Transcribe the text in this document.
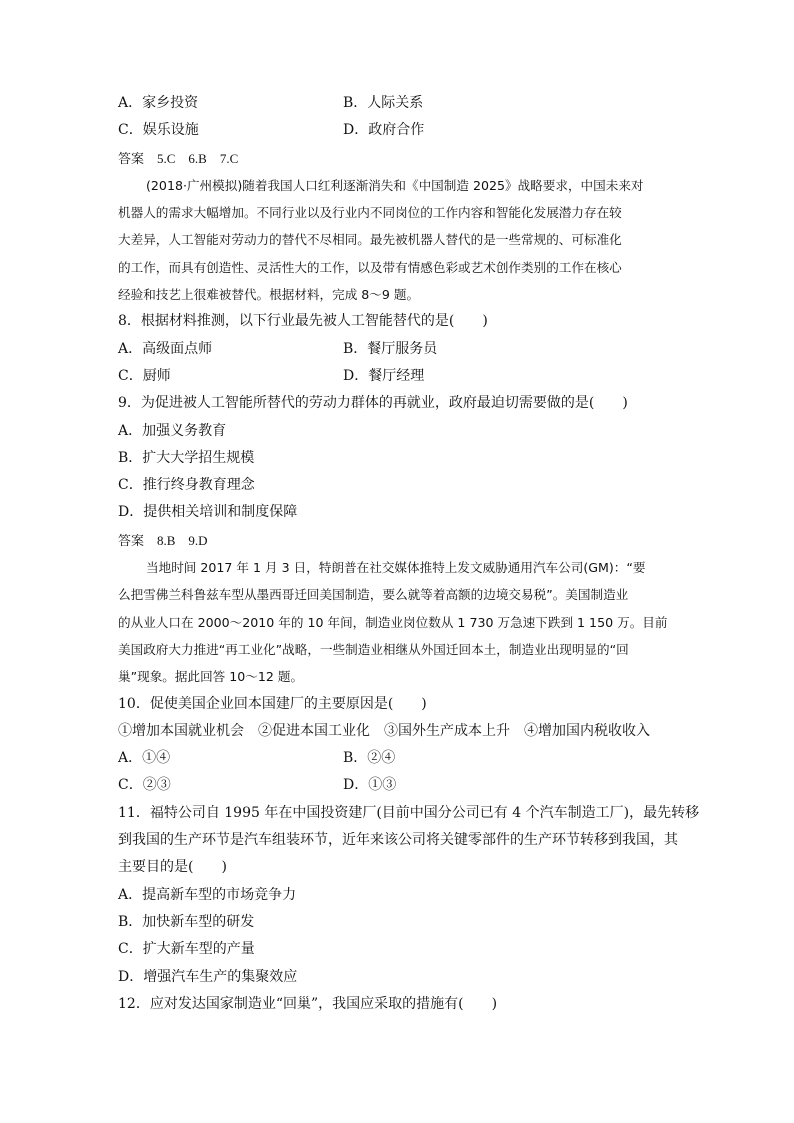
A．家乡投资	B．人际关系
C．娱乐设施	D．政府合作
答案　5.C　6.B　7.C
(2018·广州模拟)随着我国人口红利逐渐消失和《中国制造 2025》战略要求，中国未来对
机器人的需求大幅增加。不同行业以及行业内不同岗位的工作内容和智能化发展潜力存在较
大差异，人工智能对劳动力的替代不尽相同。最先被机器人替代的是一些常规的、可标准化
的工作，而具有创造性、灵活性大的工作，以及带有情感色彩或艺术创作类别的工作在核心
经验和技艺上很难被替代。根据材料，完成 8～9 题。
8．根据材料推测，以下行业最先被人工智能替代的是(　　)
A．高级面点师	B．餐厅服务员
C．厨师	D．餐厅经理
9．为促进被人工智能所替代的劳动力群体的再就业，政府最迫切需要做的是(　　)
A．加强义务教育
B．扩大大学招生规模
C．推行终身教育理念
D．提供相关培训和制度保障
答案　8.B　9.D
当地时间 2017 年 1 月 3 日，特朗普在社交媒体推特上发文威胁通用汽车公司(GM)：“要
么把雪佛兰科鲁兹车型从墨西哥迁回美国制造，要么就等着高额的边境交易税”。美国制造业
的从业人口在 2000～2010 年的 10 年间，制造业岗位数从 1 730 万急速下跌到 1 150 万。目前
美国政府大力推进“再工业化”战略，一些制造业相继从外国迁回本土，制造业出现明显的“回
巢”现象。据此回答 10～12 题。
10．促使美国企业回本国建厂的主要原因是(　　)
①增加本国就业机会　②促进本国工业化　③国外生产成本上升　④增加国内税收收入
A．①④	B．②④
C．②③	D．①③
11．福特公司自 1995 年在中国投资建厂(目前中国分公司已有 4 个汽车制造工厂)，最先转移
到我国的生产环节是汽车组装环节，近年来该公司将关键零部件的生产环节转移到我国，其
主要目的是(　　)
A．提高新车型的市场竞争力
B．加快新车型的研发
C．扩大新车型的产量
D．增强汽车生产的集聚效应
12．应对发达国家制造业“回巢”，我国应采取的措施有(　　)
